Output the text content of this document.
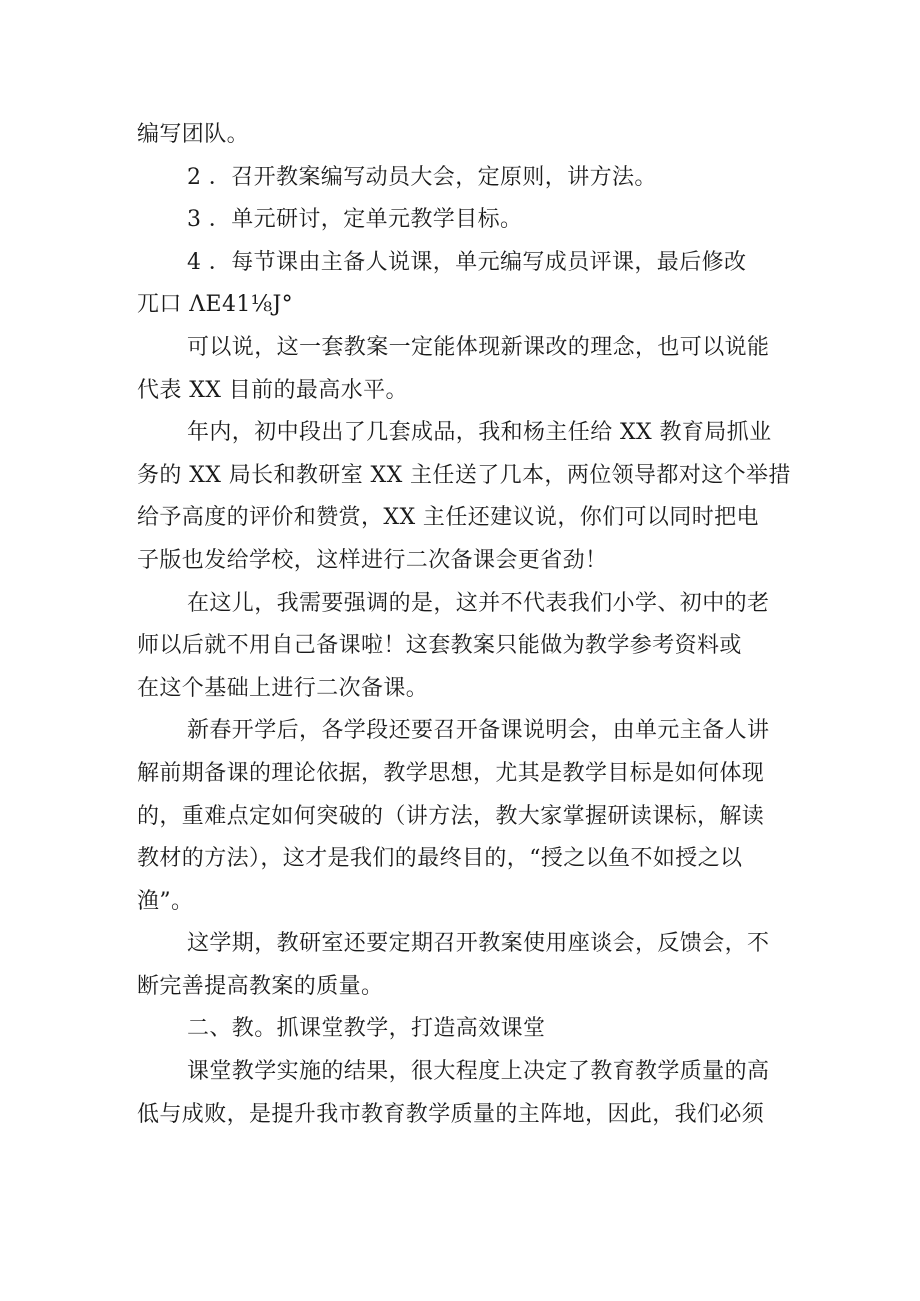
编写团队。
2 ．召开教案编写动员大会，定原则，讲方法。
3 ．单元研讨，定单元教学目标。
4 ．每节课由主备人说课，单元编写成员评课，最后修改
兀口 ΛE41⅛J°
可以说，这一套教案一定能体现新课改的理念，也可以说能
代表 XX 目前的最高水平。
年内，初中段出了几套成品，我和杨主任给 XX 教育局抓业
务的 XX 局长和教研室 XX 主任送了几本，两位领导都对这个举措
给予高度的评价和赞赏，XX 主任还建议说，你们可以同时把电
子版也发给学校，这样进行二次备课会更省劲！
在这儿，我需要强调的是，这并不代表我们小学、初中的老
师以后就不用自己备课啦！这套教案只能做为教学参考资料或
在这个基础上进行二次备课。
新春开学后，各学段还要召开备课说明会，由单元主备人讲
解前期备课的理论依据，教学思想，尤其是教学目标是如何体现
的，重难点定如何突破的（讲方法，教大家掌握研读课标，解读
教材的方法），这才是我们的最终目的，“授之以鱼不如授之以
渔”。
这学期，教研室还要定期召开教案使用座谈会，反馈会，不
断完善提高教案的质量。
二、教。抓课堂教学，打造高效课堂
课堂教学实施的结果，很大程度上决定了教育教学质量的高
低与成败，是提升我市教育教学质量的主阵地，因此，我们必须
